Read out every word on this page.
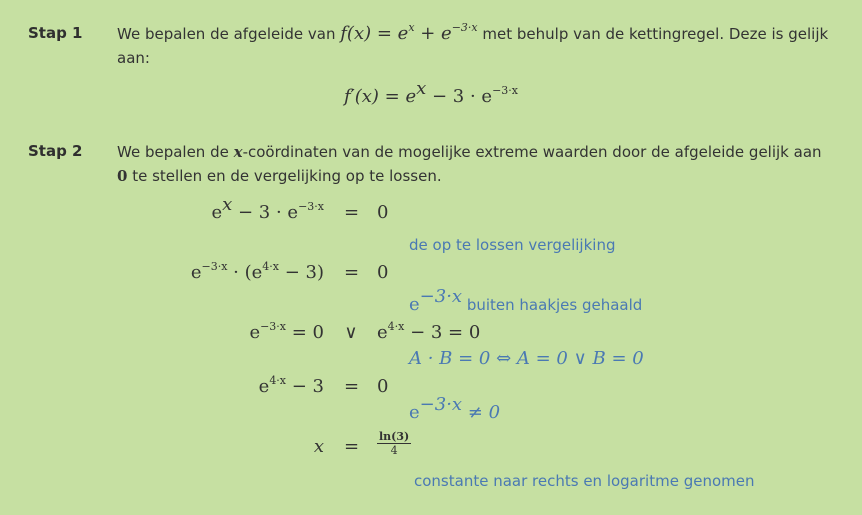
Stap 1 We bepalen de afgeleide van $f(x) = e^x + e^{-3\cdot x}$ met behulp van de kettingregel. Deze is gelijk aan:
$f'(x) = e^x - 3 \cdot e^{-3\cdot x}$
Stap 2 We bepalen de x-coördinaten van de mogelijke extreme waarden door de afgeleide gelijk aan
0 te stellen en de vergelijking op te lossen.
$e^x - 3 \cdot e^{-3\cdot x} = 0$
de op te lossen vergelijking
$e^{-3\cdot x} \cdot (e^{4\cdot x} - 3) = 0$
e$^{-3\cdot x}$ buiten haakjes gehaald
$e^{-3\cdot x} = 0$ ∨ $e^{4\cdot x} - 3 = 0$
A · B = 0 ⇔ A = 0 ∨ B = 0
$e^{4\cdot x} - 3 = 0$
e$^{-3\cdot x}$ ≠ 0
$x = \frac{\ln(3)}{4}$
constante naar rechts en logaritme genomen
